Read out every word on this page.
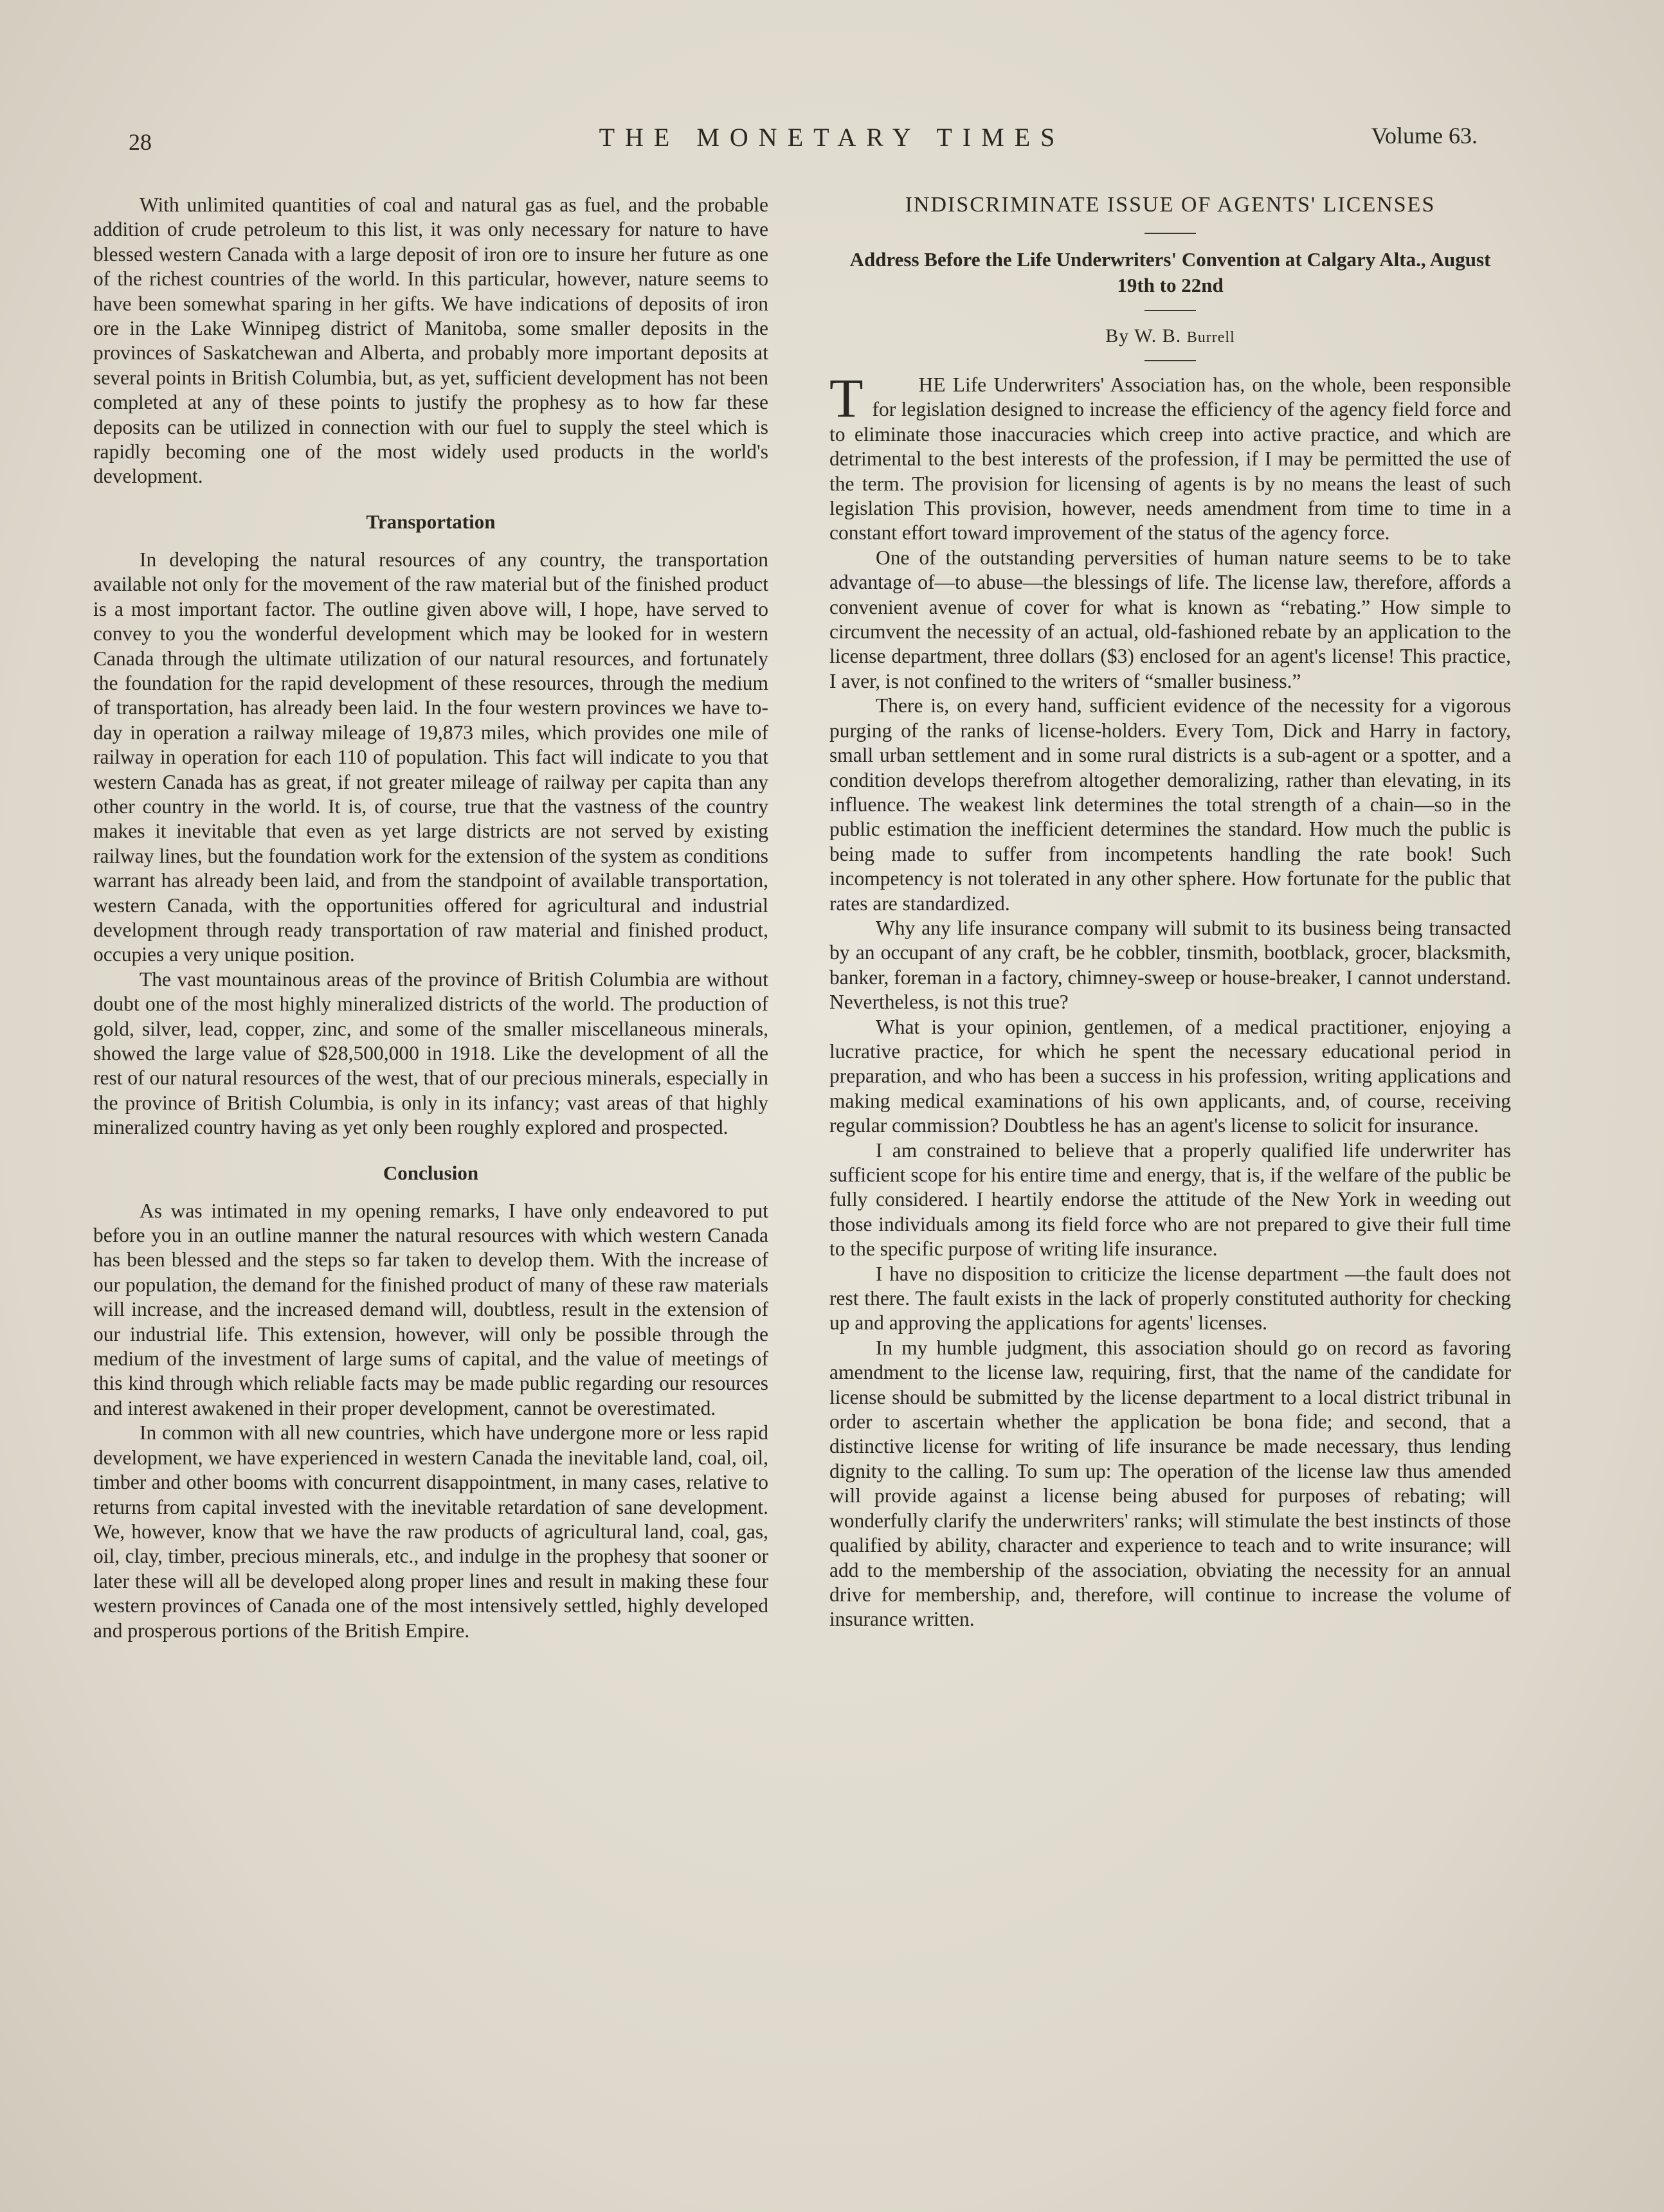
28	THE MONETARY TIMES	Volume 63.

With unlimited quantities of coal and natural gas as fuel, and the probable addition of crude petroleum to this list, it was only necessary for nature to have blessed western Canada with a large deposit of iron ore to insure her future as one of the richest countries of the world. In this particular, however, nature seems to have been somewhat sparing in her gifts. We have indications of deposits of iron ore in the Lake Winnipeg district of Manitoba, some smaller deposits in the provinces of Saskatchewan and Alberta, and probably more important deposits at several points in British Columbia, but, as yet, sufficient development has not been completed at any of these points to justify the prophesy as to how far these deposits can be utilized in connection with our fuel to supply the steel which is rapidly becoming one of the most widely used products in the world's development.

Transportation

In developing the natural resources of any country, the transportation available not only for the movement of the raw material but of the finished product is a most important factor. The outline given above will, I hope, have served to convey to you the wonderful development which may be looked for in western Canada through the ultimate utilization of our natural resources, and fortunately the foundation for the rapid development of these resources, through the medium of transportation, has already been laid. In the four western provinces we have to-day in operation a railway mileage of 19,873 miles, which provides one mile of railway in operation for each 110 of population. This fact will indicate to you that western Canada has as great, if not greater mileage of railway per capita than any other country in the world. It is, of course, true that the vastness of the country makes it inevitable that even as yet large districts are not served by existing railway lines, but the foundation work for the extension of the system as conditions warrant has already been laid, and from the standpoint of available transportation, western Canada, with the opportunities offered for agricultural and industrial development through ready transportation of raw material and finished product, occupies a very unique position.

The vast mountainous areas of the province of British Columbia are without doubt one of the most highly mineralized districts of the world. The production of gold, silver, lead, copper, zinc, and some of the smaller miscellaneous minerals, showed the large value of $28,500,000 in 1918. Like the development of all the rest of our natural resources of the west, that of our precious minerals, especially in the province of British Columbia, is only in its infancy; vast areas of that highly mineralized country having as yet only been roughly explored and prospected.

Conclusion

As was intimated in my opening remarks, I have only endeavored to put before you in an outline manner the natural resources with which western Canada has been blessed and the steps so far taken to develop them. With the increase of our population, the demand for the finished product of many of these raw materials will increase, and the increased demand will, doubtless, result in the extension of our industrial life. This extension, however, will only be possible through the medium of the investment of large sums of capital, and the value of meetings of this kind through which reliable facts may be made public regarding our resources and interest awakened in their proper development, cannot be overestimated.

In common with all new countries, which have undergone more or less rapid development, we have experienced in western Canada the inevitable land, coal, oil, timber and other booms with concurrent disappointment, in many cases, relative to returns from capital invested with the inevitable retardation of sane development. We, however, know that we have the raw products of agricultural land, coal, gas, oil, clay, timber, precious minerals, etc., and indulge in the prophesy that sooner or later these will all be developed along proper lines and result in making these four western provinces of Canada one of the most intensively settled, highly developed and prosperous portions of the British Empire.

INDISCRIMINATE ISSUE OF AGENTS' LICENSES
Address Before the Life Underwriters' Convention at Calgary Alta., August 19th to 22nd
By W. B. Burrell

T	HE Life Underwriters' Association has, on the whole, been responsible for legislation designed to increase the efficiency of the agency field force and to eliminate those inaccuracies which creep into active practice, and which are detrimental to the best interests of the profession, if I may be permitted the use of the term. The provision for licensing of agents is by no means the least of such legislation This provision, however, needs amendment from time to time in a constant effort toward improvement of the status of the agency force.

One of the outstanding perversities of human nature seems to be to take advantage of—to abuse—the blessings of life. The license law, therefore, affords a convenient avenue of cover for what is known as “rebating.” How simple to circumvent the necessity of an actual, old-fashioned rebate by an application to the license department, three dollars ($3) enclosed for an agent's license! This practice, I aver, is not confined to the writers of “smaller business.”

There is, on every hand, sufficient evidence of the necessity for a vigorous purging of the ranks of license-holders. Every Tom, Dick and Harry in factory, small urban settlement and in some rural districts is a sub-agent or a spotter, and a condition develops therefrom altogether demoralizing, rather than elevating, in its influence. The weakest link determines the total strength of a chain—so in the public estimation the inefficient determines the standard. How much the public is being made to suffer from incompetents handling the rate book! Such incompetency is not tolerated in any other sphere. How fortunate for the public that rates are standardized.

Why any life insurance company will submit to its business being transacted by an occupant of any craft, be he cobbler, tinsmith, bootblack, grocer, blacksmith, banker, foreman in a factory, chimney-sweep or house-breaker, I cannot understand. Nevertheless, is not this true?

What is your opinion, gentlemen, of a medical practitioner, enjoying a lucrative practice, for which he spent the necessary educational period in preparation, and who has been a success in his profession, writing applications and making medical examinations of his own applicants, and, of course, receiving regular commission? Doubtless he has an agent's license to solicit for insurance.

I am constrained to believe that a properly qualified life underwriter has sufficient scope for his entire time and energy, that is, if the welfare of the public be fully considered. I heartily endorse the attitude of the New York in weeding out those individuals among its field force who are not prepared to give their full time to the specific purpose of writing life insurance.

I have no disposition to criticize the license department —the fault does not rest there. The fault exists in the lack of properly constituted authority for checking up and approving the applications for agents' licenses.

In my humble judgment, this association should go on record as favoring amendment to the license law, requiring, first, that the name of the candidate for license should be submitted by the license department to a local district tribunal in order to ascertain whether the application be bona fide; and second, that a distinctive license for writing of life insurance be made necessary, thus lending dignity to the calling. To sum up: The operation of the license law thus amended will provide against a license being abused for purposes of rebating; will wonderfully clarify the underwriters' ranks; will stimulate the best instincts of those qualified by ability, character and experience to teach and to write insurance; will add to the membership of the association, obviating the necessity for an annual drive for membership, and, therefore, will continue to increase the volume of insurance written.
